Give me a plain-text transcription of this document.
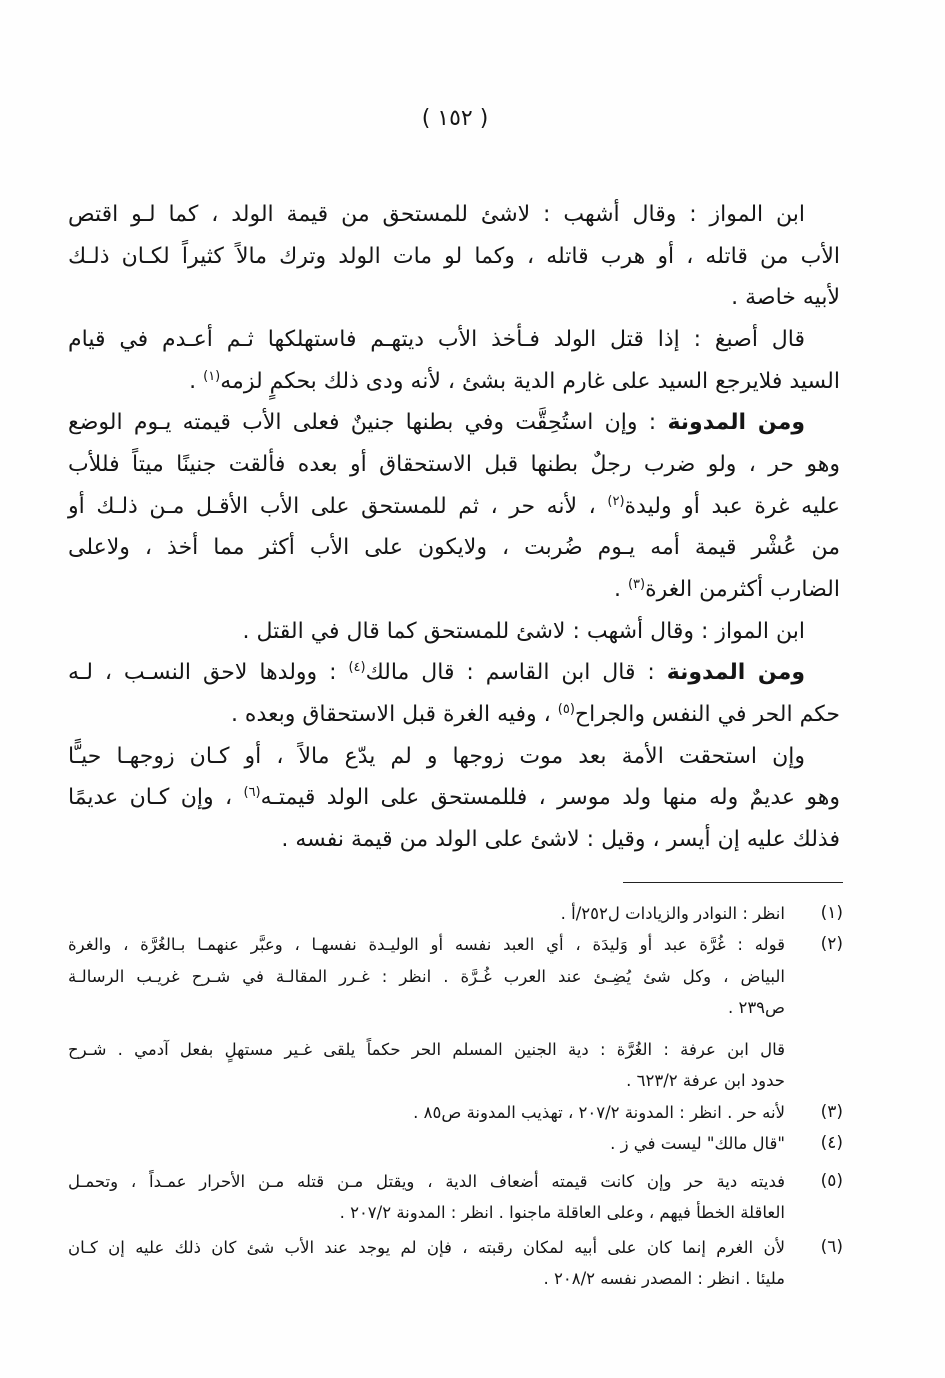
( ١٥٢ )
ابن المواز : وقال أشهب : لاشئ للمستحق من قيمة الولد ، كما لـو اقتص
الأب من قاتله ، أو هرب قاتله ، وكما لو مات الولد وترك مالاً كثيراً لكـان ذلـك
لأبيه خاصة .
قال أصبغ : إذا قتل الولد فـأخذ الأب ديتهـم فاستهلكها ثـم أعـدم في قيام
السيد فلايرجع السيد على غارم الدية بشئ ، لأنه ودى ذلك بحكمٍ لزمه$^{(١)}$ .
ومن المدونة : وإن استُحِقَّت وفي بطنها جنينٌ فعلى الأب قيمته يـوم الوضع
وهو حر ، ولو ضرب رجلٌ بطنها قبل الاستحقاق أو بعده فألقت جنينًا ميتاً فللأب
عليه غرة عبد أو وليدة$^{(٢)}$ ، لأنه حر ، ثم للمستحق على الأب الأقـل مـن ذلـك أو
من عُشْر قيمة أمه يـوم ضُربت ، ولايكون على الأب أكثر مما أخذ ، ولاعلى
الضارب أكثرمن الغرة$^{(٣)}$ .
ابن المواز : وقال أشهب : لاشئ للمستحق كما قال في القتل .
ومن المدونة : قال ابن القاسم : قال مالك$^{(٤)}$ : وولدها لاحق النسـب ، لـه
حكم الحر في النفس والجراح$^{(٥)}$ ، وفيه الغرة قبل الاستحقاق وبعده .
وإن استحقت الأمة بعد موت زوجها و لم يدّع مالاً ، أو كـان زوجهـا حيـًّا
وهو عديمٌ وله منها ولد موسر ، فللمستحق على الولد قيمتـه$^{(٦)}$ ، وإن كـان عديمًا
فذلك عليه إن أيسر ، وقيل : لاشئ على الولد من قيمة نفسه .
(١)
انظر : النوادر والزيادات ل٢٥٢/أ .
(٢)
قوله : غُرَّة عبد أو وَليدَة ، أي العبد نفسه أو الوليـدة نفسهـا ، وعبَّر عنهمـا بـالغُرَّة ، والغرة
البياض ، وكل شئ يُضِـئ عند العرب غُـرَّة . انظر : غـرر المقالـة في شـرح غريـب الرسالـة
ص٢٣٩ .
قال ابن عرفة : الغُرَّة : دية الجنين المسلم الحر حكماً يلقى غـير مستهلٍ بفعل آدمي . شـرح
حدود ابن عرفة ٦٢٣/٢ .
(٣)
لأنه حر . انظر : المدونة ٢٠٧/٢ ، تهذيب المدونة ص٨٥ .
(٤)
"قال مالك" ليست في ز .
(٥)
فديته دية حر وإن كانت قيمته أضعاف الدية ، ويقتل مـن قتله مـن الأحرار عمـداً ، وتحمـل
العاقلة الخطأ فيهم ، وعلى العاقلة ماجنوا . انظر : المدونة ٢٠٧/٢ .
(٦)
لأن الغرم إنما كان على أبيه لمكان رقبته ، فإن لم يوجد عند الأب شئ كان ذلك عليه إن كـان
مليئا . انظر : المصدر نفسه ٢٠٨/٢ .
